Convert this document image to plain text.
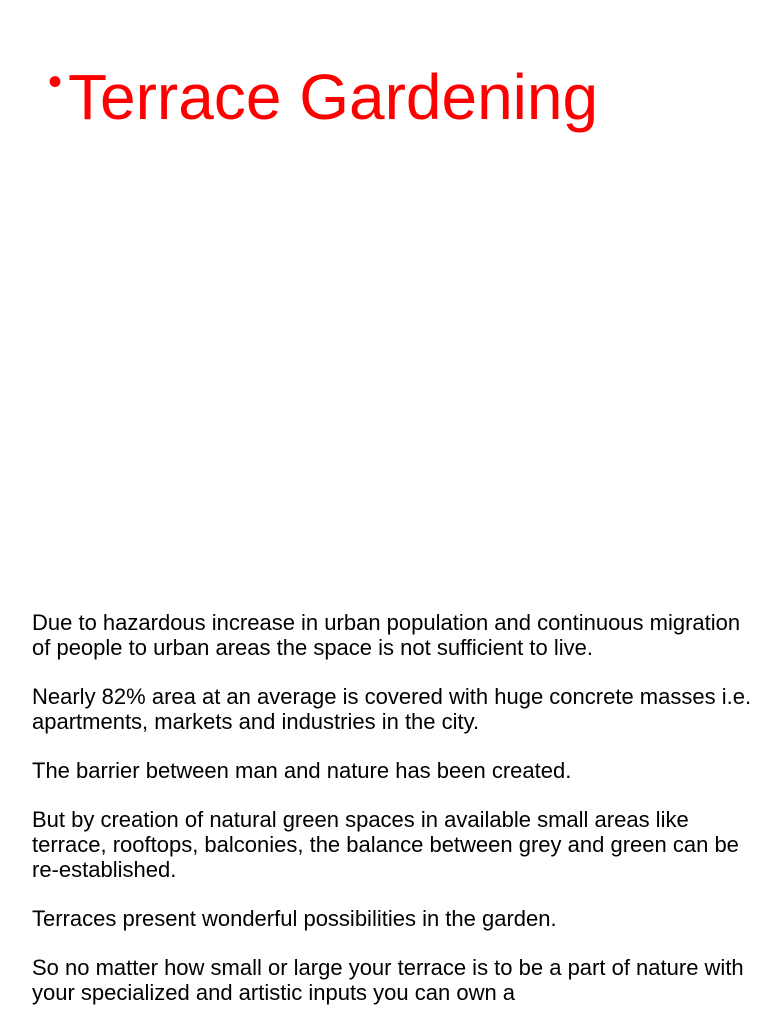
• Terrace Gardening

Due to hazardous increase in urban population and continuous migration of people to urban areas the space is not sufficient to live.

Nearly 82% area at an average is covered with huge concrete masses i.e. apartments, markets and industries in the city.

The barrier between man and nature has been created.

But by creation of natural green spaces in available small areas like terrace, rooftops, balconies, the balance between grey and green can be re-established.

Terraces present wonderful possibilities in the garden.

So no matter how small or large your terrace is to be a part of nature with your specialized and artistic inputs you can own a
